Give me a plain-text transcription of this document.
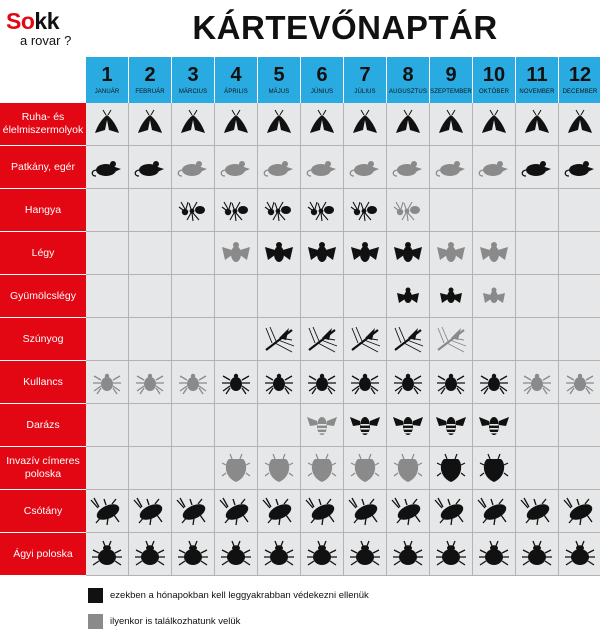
Sokk
a rovar ?	KÁRTEVŐNAPTÁR
1
JANUÁR
2
FEBRUÁR
3
MÁRCIUS
4
ÁPRILIS
5
MÁJUS
6
JÚNIUS
7
JÚLIUS
8
AUGUSZTUS
9
SZEPTEMBER
10
OKTÓBER
11
NOVEMBER
12
DECEMBER
Ruha- és élelmiszermolyok
Patkány, egér
Hangya
Légy
Gyümölcslégy
Szúnyog
Kullancs
Darázs
Invazív címeres poloska
Csótány
Ágyi poloska
ezekben a hónapokban kell leggyakrabban védekezni ellenük
ilyenkor is találkozhatunk velük
